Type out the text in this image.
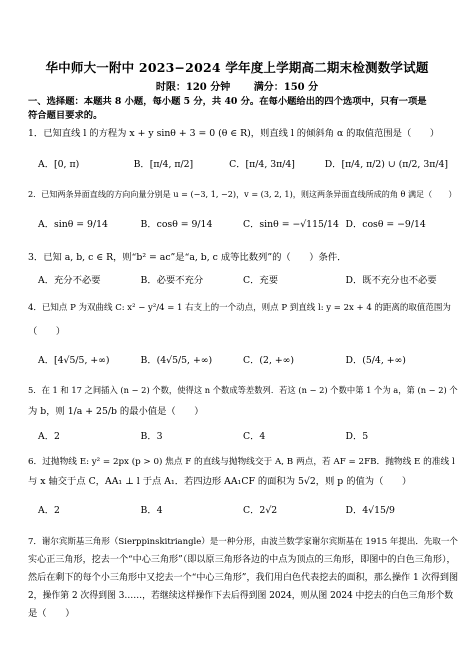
华中师大一附中 2023−2024 学年度上学期高二期末检测数学试题
时限：120 分钟 满分：150 分
一、选择题：本题共 8 小题，每小题 5 分，共 40 分。在每小题给出的四个选项中，只有一项是
符合题目要求的。
1．已知直线 l 的方程为 x + y sinθ + 3 = 0 (θ ∈ R)，则直线 l 的倾斜角 α 的取值范围是（　　）
A．[0, π)	B．[π/4, π/2]	C．[π/4, 3π/4]	D．[π/4, π/2) ∪ (π/2, 3π/4]
2．已知两条异面直线的方向向量分别是 u = (−3, 1, −2)，v = (3, 2, 1)，则这两条异面直线所成的角 θ 满足（　　）
A．sinθ = 9/14	B．cosθ = 9/14	C．sinθ = −√115/14 D．cosθ = −9/14
3．已知 a, b, c ∈ R，则“b² = ac”是“a, b, c 成等比数列”的（　　）条件．
A．充分不必要	B．必要不充分	C．充要	D．既不充分也不必要
4．已知点 P 为双曲线 C: x² − y²/4 = 1 右支上的一个动点，则点 P 到直线 l: y = 2x + 4 的距离的取值范围为
（　　）
A．[4√5/5, +∞)	B．(4√5/5, +∞)	C．(2, +∞)	D．(5/4, +∞)
5．在 1 和 17 之间插入 (n − 2) 个数，使得这 n 个数成等差数列．若这 (n − 2) 个数中第 1 个为 a，第 (n − 2) 个
为 b，则 1/a + 25/b 的最小值是（　　）
A．2	B．3	C．4	D．5
6．过抛物线 E: y² = 2px (p > 0) 焦点 F 的直线与抛物线交于 A, B 两点，若 AF = 2FB．抛物线 E 的准线 l
与 x 轴交于点 C，AA₁ ⊥ l 于点 A₁．若四边形 AA₁CF 的面积为 5√2，则 p 的值为（　　）
A．2	B．4	C．2√2	D．4√15/9
7．谢尔宾斯基三角形（Sierppinskitriangle）是一种分形，由波兰数学家谢尔宾斯基在 1915 年提出．先取一个
实心正三角形，挖去一个“中心三角形”（即以原三角形各边的中点为顶点的三角形，即图中的白色三角形），
然后在剩下的每个小三角形中又挖去一个“中心三角形”，我们用白色代表挖去的面积，那么操作 1 次得到图
2，操作第 2 次得到图 3……，若继续这样操作下去后得到图 2024，则从图 2024 中挖去的白色三角形个数
是（　　）
